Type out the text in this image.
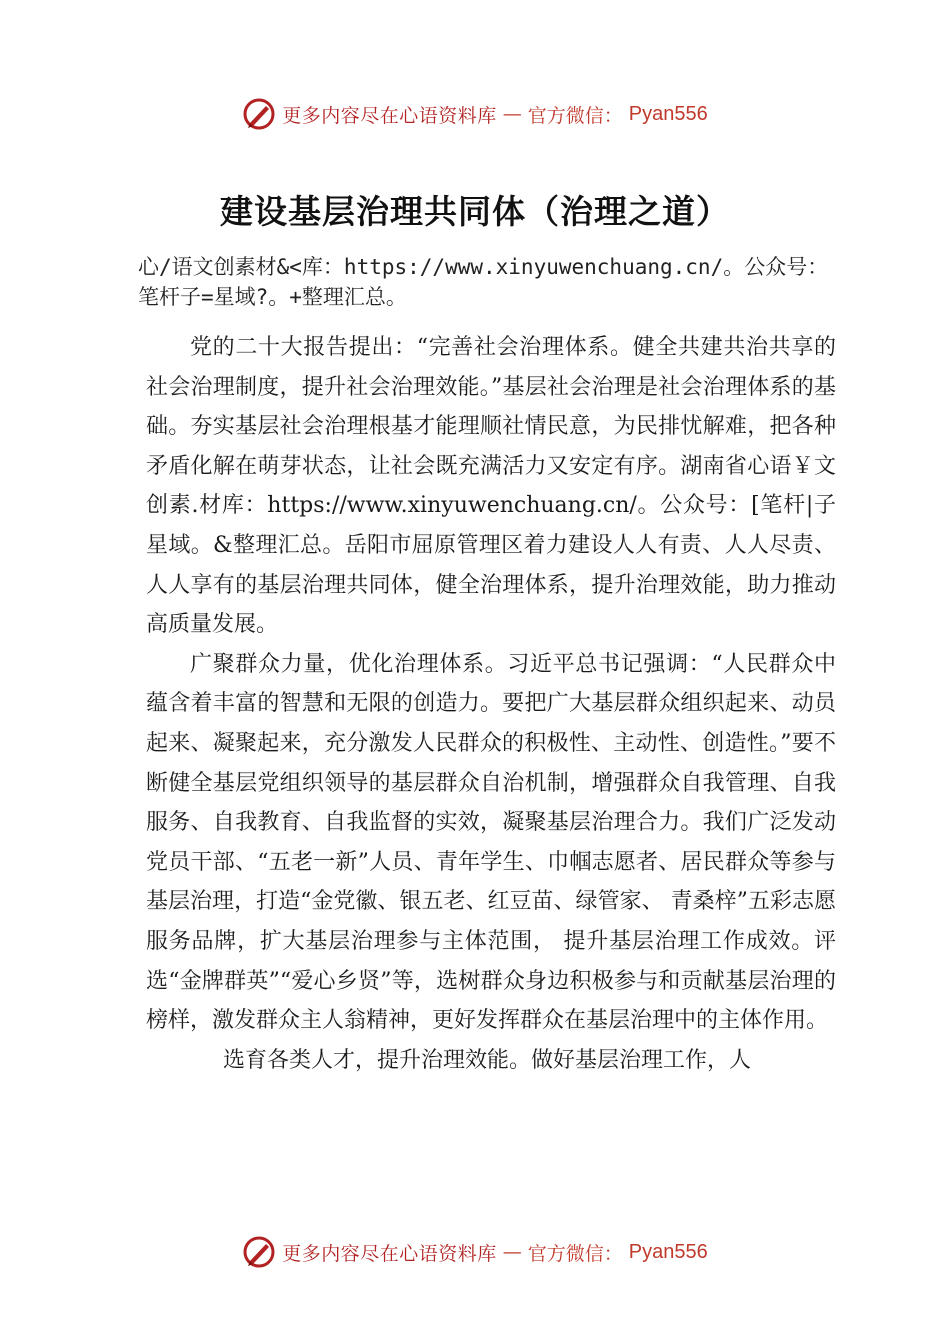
更多内容尽在心语资料库 — 官方微信： Pyan556
建设基层治理共同体（治理之道）
心/语文创素材&<库：https://www.xinyuwenchuang.cn/。公众号：笔杆子=星域?。+整理汇总。

党的二十大报告提出：“完善社会治理体系。健全共建共治共享的社会治理制度，提升社会治理效能。”基层社会治理是社会治理体系的基础。夯实基层社会治理根基才能理顺社情民意，为民排忧解难，把各种矛盾化解在萌芽状态，让社会既充满活力又安定有序。湖南省心语￥文创素.材库：https://www.xinyuwenchuang.cn/。公众号：[笔杆|子星域。&整理汇总。岳阳市屈原管理区着力建设人人有责、人人尽责、人人享有的基层治理共同体，健全治理体系，提升治理效能，助力推动高质量发展。

广聚群众力量，优化治理体系。习近平总书记强调：“人民群众中蕴含着丰富的智慧和无限的创造力。要把广大基层群众组织起来、动员起来、凝聚起来，充分激发人民群众的积极性、主动性、创造性。”要不断健全基层党组织领导的基层群众自治机制，增强群众自我管理、自我服务、自我教育、自我监督的实效，凝聚基层治理合力。我们广泛发动党员干部、“五老一新”人员、青年学生、巾帼志愿者、居民群众等参与基层治理，打造“金党徽、银五老、红豆苗、绿管家、 青桑梓”五彩志愿服务品牌，扩大基层治理参与主体范围， 提升基层治理工作成效。评选“金牌群英”“爱心乡贤”等，选树群众身边积极参与和贡献基层治理的榜样，激发群众主人翁精神，更好发挥群众在基层治理中的主体作用。

选育各类人才，提升治理效能。做好基层治理工作，人

更多内容尽在心语资料库 — 官方微信： Pyan556
